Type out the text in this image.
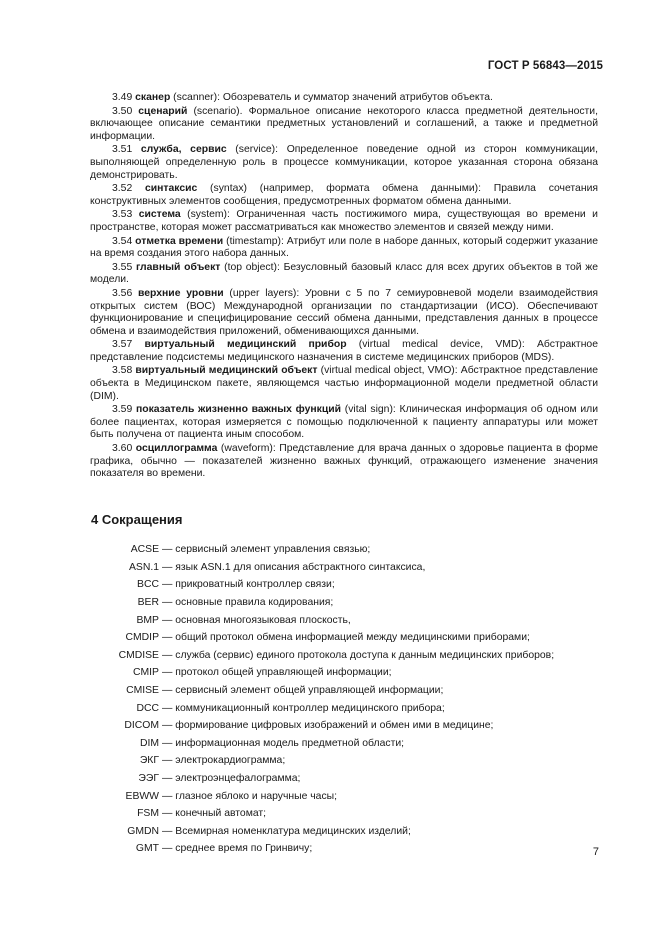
ГОСТ Р 56843—2015

3.49 сканер (scanner): Обозреватель и сумматор значений атрибутов объекта.

3.50 сценарий (scenario). Формальное описание некоторого класса предметной деятельности, включающее описание семантики предметных установлений и соглашений, а также и предметной информации.

3.51 служба, сервис (service): Определенное поведение одной из сторон коммуникации, выполняющей определенную роль в процессе коммуникации, которое указанная сторона обязана демонстрировать.

3.52 синтаксис (syntax) (например, формата обмена данными): Правила сочетания конструктивных элементов сообщения, предусмотренных форматом обмена данными.

3.53 система (system): Ограниченная часть постижимого мира, существующая во времени и пространстве, которая может рассматриваться как множество элементов и связей между ними.

3.54 отметка времени (timestamp): Атрибут или поле в наборе данных, который содержит указание на время создания этого набора данных.

3.55 главный объект (top object): Безусловный базовый класс для всех других объектов в той же модели.

3.56 верхние уровни (upper layers): Уровни с 5 по 7 семиуровневой модели взаимодействия открытых систем (ВОС) Международной организации по стандартизации (ИСО). Обеспечивают функционирование и специфицирование сессий обмена данными, представления данных в процессе обмена и взаимодействия приложений, обменивающихся данными.

3.57 виртуальный медицинский прибор (virtual medical device, VMD): Абстрактное представление подсистемы медицинского назначения в системе медицинских приборов (MDS).

3.58 виртуальный медицинский объект (virtual medical object, VMO): Абстрактное представление объекта в Медицинском пакете, являющемся частью информационной модели предметной области (DIM).

3.59 показатель жизненно важных функций (vital sign): Клиническая информация об одном или более пациентах, которая измеряется с помощью подключенной к пациенту аппаратуры или может быть получена от пациента иным способом.

3.60 осциллограмма (waveform): Представление для врача данных о здоровье пациента в форме графика, обычно — показателей жизненно важных функций, отражающего изменение значения показателя во времени.

4 Сокращения
ACSE — сервисный элемент управления связью;
ASN.1 — язык ASN.1 для описания абстрактного синтаксиса,
BCC — прикроватный контроллер связи;
BER — основные правила кодирования;
BMP — основная многоязыковая плоскость,
CMDIP — общий протокол обмена информацией между медицинскими приборами;
CMDISE — служба (сервис) единого протокола доступа к данным медицинских приборов;
CMIP — протокол общей управляющей информации;
CMISE — сервисный элемент общей управляющей информации;
DCC — коммуникационный контроллер медицинского прибора;
DICOM — формирование цифровых изображений и обмен ими в медицине;
DIM — информационная модель предметной области;
ЭКГ — электрокардиограмма;
ЭЭГ — электроэнцефалограмма;
EBWW — глазное яблоко и наручные часы;
FSM — конечный автомат;
GMDN — Всемирная номенклатура медицинских изделий;
GMT — среднее время по Гринвичу;	7
